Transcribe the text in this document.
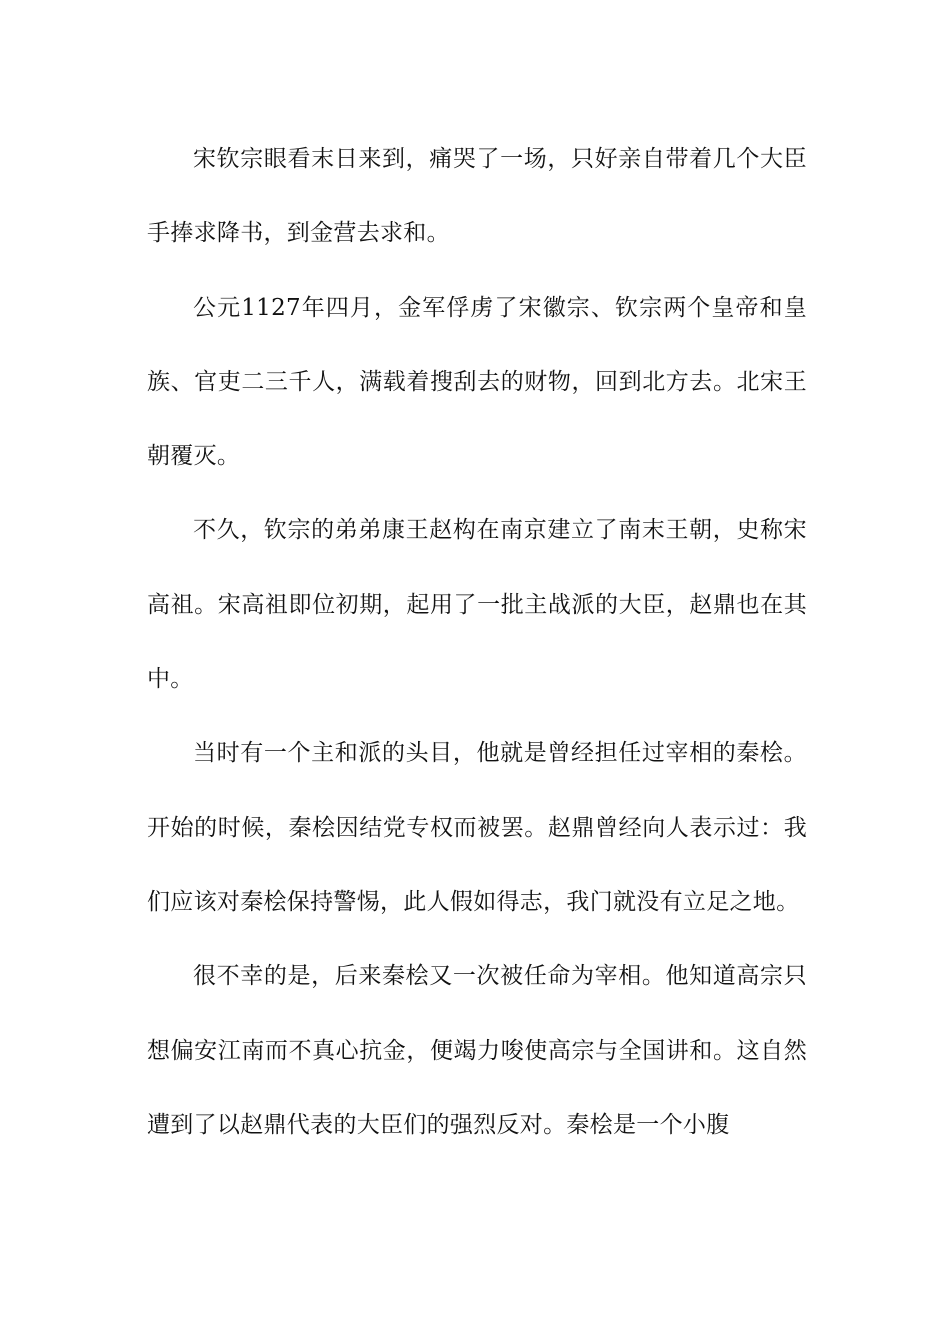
宋钦宗眼看末日来到，痛哭了一场，只好亲自带着几个大臣手捧求降书，到金营去求和。

公元1127年四月，金军俘虏了宋徽宗、钦宗两个皇帝和皇族、官吏二三千人，满载着搜刮去的财物，回到北方去。北宋王朝覆灭。

不久，钦宗的弟弟康王赵构在南京建立了南末王朝，史称宋高祖。宋高祖即位初期，起用了一批主战派的大臣，赵鼎也在其中。

当时有一个主和派的头目，他就是曾经担任过宰相的秦桧。开始的时候，秦桧因结党专权而被罢。赵鼎曾经向人表示过：我们应该对秦桧保持警惕，此人假如得志，我门就没有立足之地。

很不幸的是，后来秦桧又一次被任命为宰相。他知道高宗只想偏安江南而不真心抗金，便竭力唆使高宗与全国讲和。这自然遭到了以赵鼎代表的大臣们的强烈反对。秦桧是一个小腹
